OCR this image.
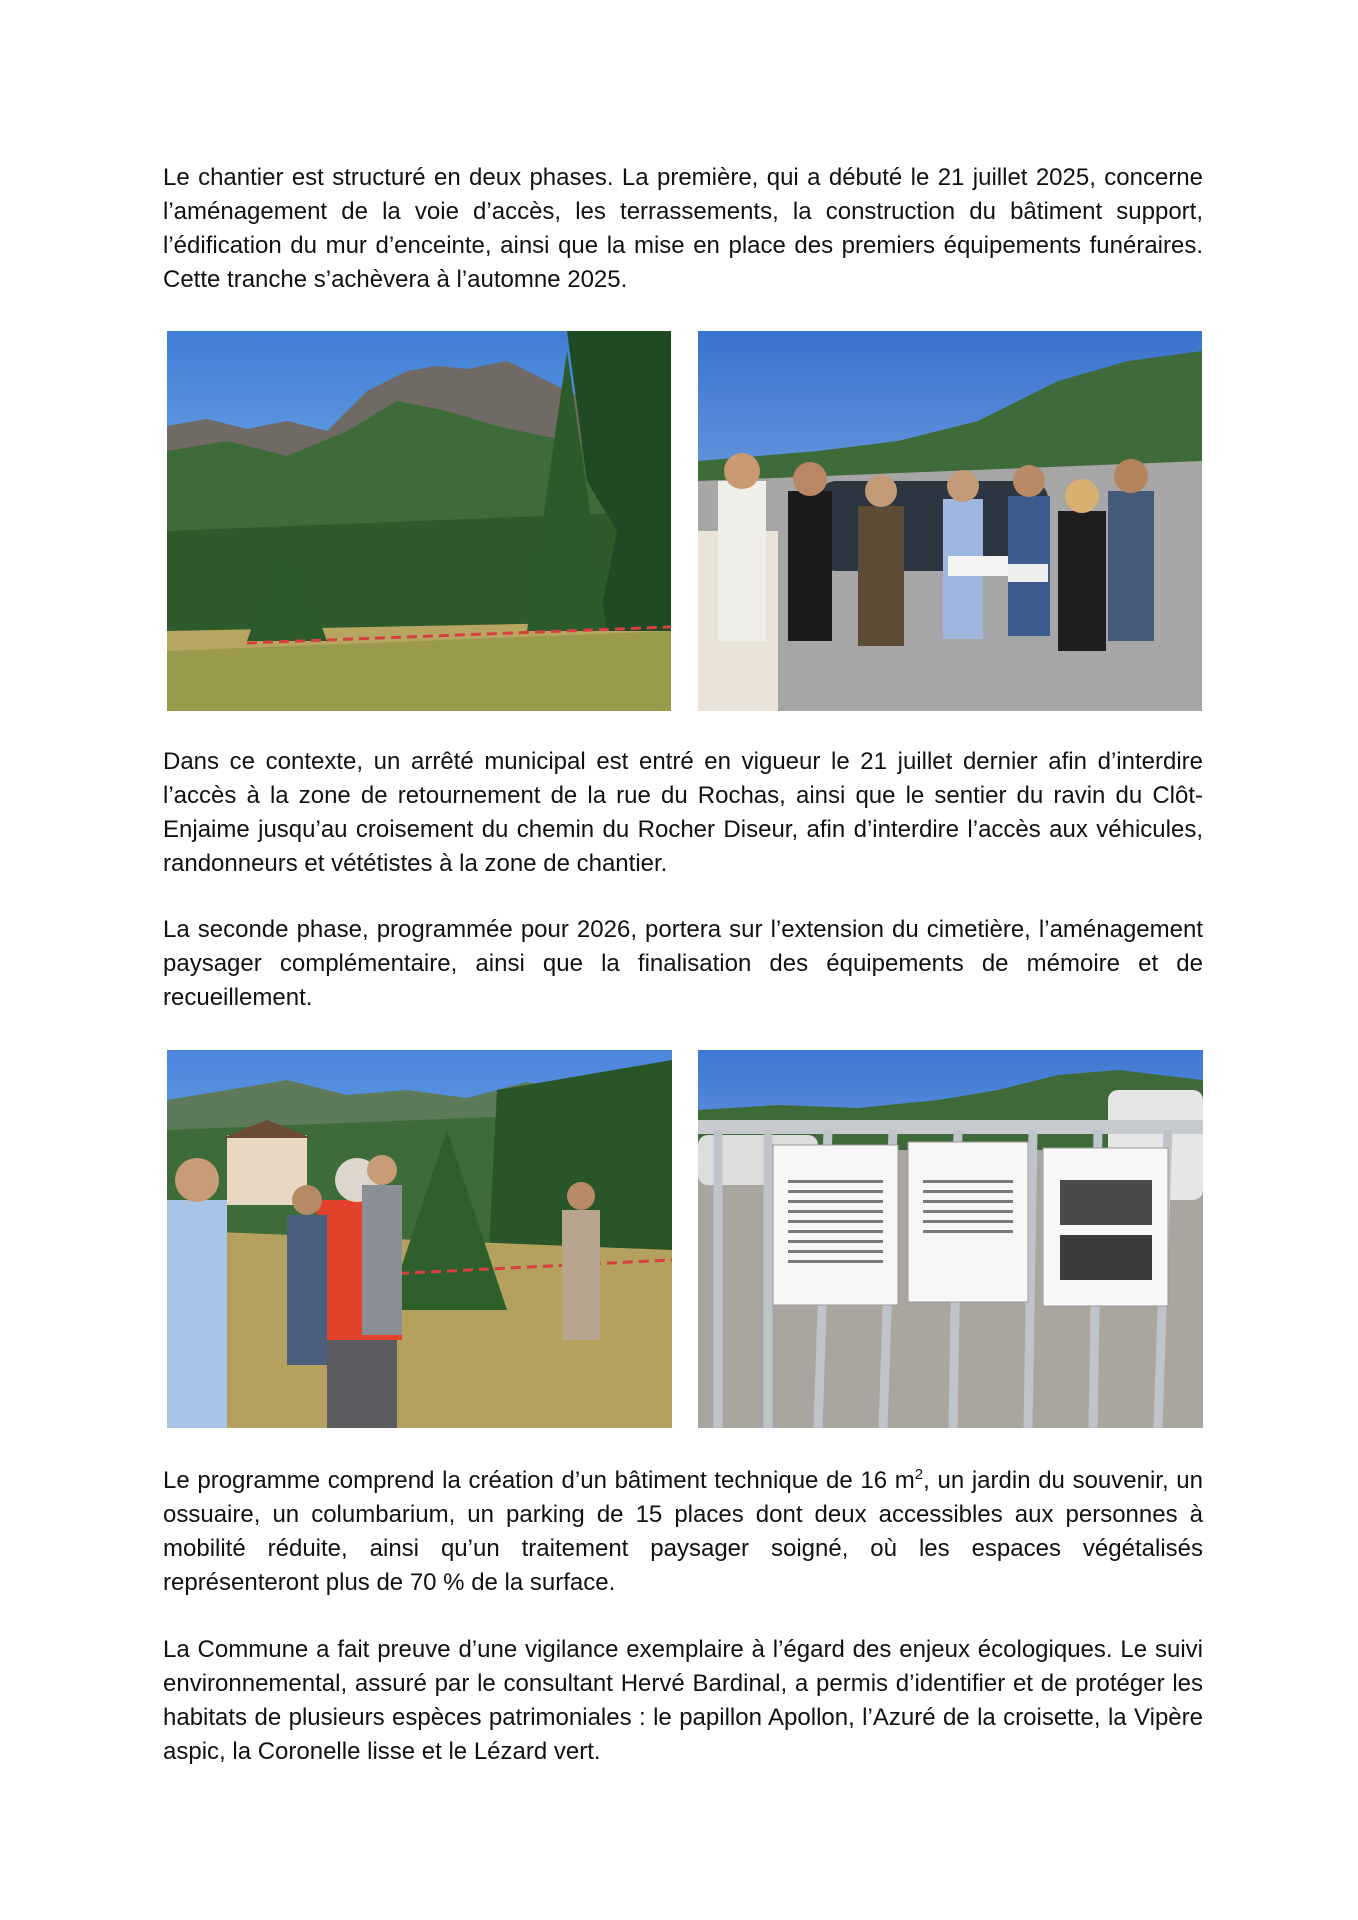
Le chantier est structuré en deux phases. La première, qui a débuté le 21 juillet 2025, concerne l’aménagement de la voie d’accès, les terrassements, la construction du bâtiment support, l’édification du mur d’enceinte, ainsi que la mise en place des premiers équipements funéraires. Cette tranche s’achèvera à l’automne 2025.

Dans ce contexte, un arrêté municipal est entré en vigueur le 21 juillet dernier afin d’interdire l’accès à la zone de retournement de la rue du Rochas, ainsi que le sentier du ravin du Clôt-Enjaime jusqu’au croisement du chemin du Rocher Diseur, afin d’interdire l’accès aux véhicules, randonneurs et vététistes à la zone de chantier.

La seconde phase, programmée pour 2026, portera sur l’extension du cimetière, l’aménagement paysager complémentaire, ainsi que la finalisation des équipements de mémoire et de recueillement.

Le programme comprend la création d’un bâtiment technique de 16 $m^2$, un jardin du souvenir, un ossuaire, un columbarium, un parking de 15 places dont deux accessibles aux personnes à mobilité réduite, ainsi qu’un traitement paysager soigné, où les espaces végétalisés représenteront plus de 70 % de la surface.

La Commune a fait preuve d’une vigilance exemplaire à l’égard des enjeux écologiques. Le suivi environnemental, assuré par le consultant Hervé Bardinal, a permis d’identifier et de protéger les habitats de plusieurs espèces patrimoniales : le papillon Apollon, l’Azuré de la croisette, la Vipère aspic, la Coronelle lisse et le Lézard vert.
